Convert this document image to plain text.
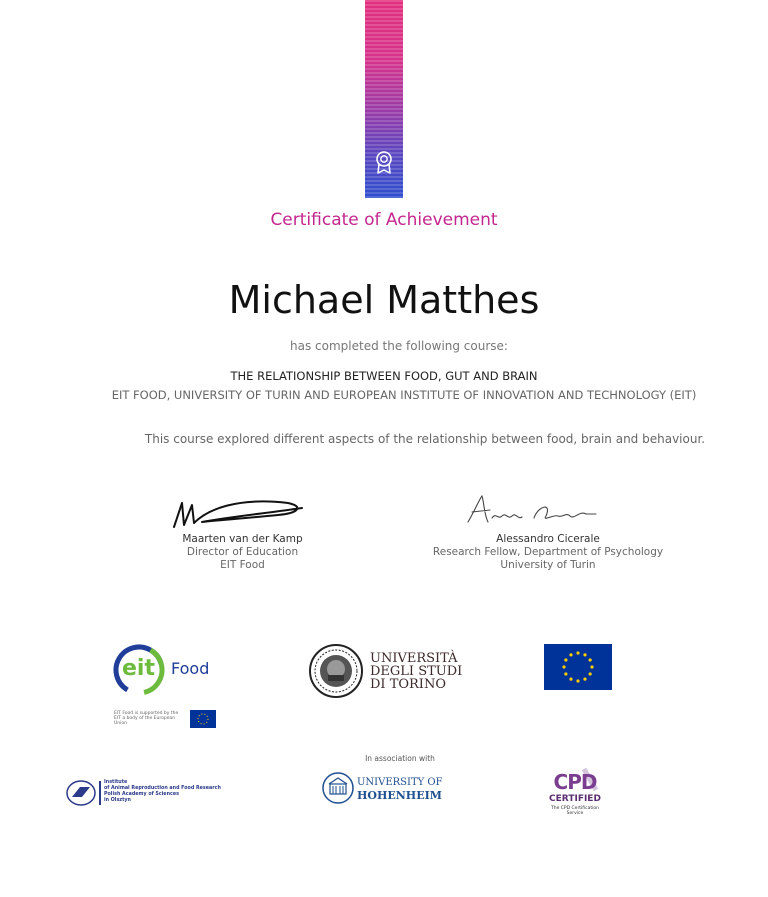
Certificate of Achievement
Michael Matthes
has completed the following course:
THE RELATIONSHIP BETWEEN FOOD, GUT AND BRAIN
EIT FOOD, UNIVERSITY OF TURIN AND EUROPEAN INSTITUTE OF INNOVATION AND TECHNOLOGY (EIT)
This course explored different aspects of the relationship between food, brain and behaviour.
Maarten van der Kamp
Director of Education
EIT Food
Alessandro Cicerale
Research Fellow, Department of Psychology
University of Turin
eit Food
EIT Food is supported by the EIT a body of the European Union
UNIVERSITÀ
DEGLI STUDI
DI TORINO
In association with
Institute
of Animal Reproduction and Food Research
Polish Academy of Sciences
in Olsztyn
UNIVERSITY OF
HOHENHEIM
CPD
CERTIFIED
The CPD Certification
Service
